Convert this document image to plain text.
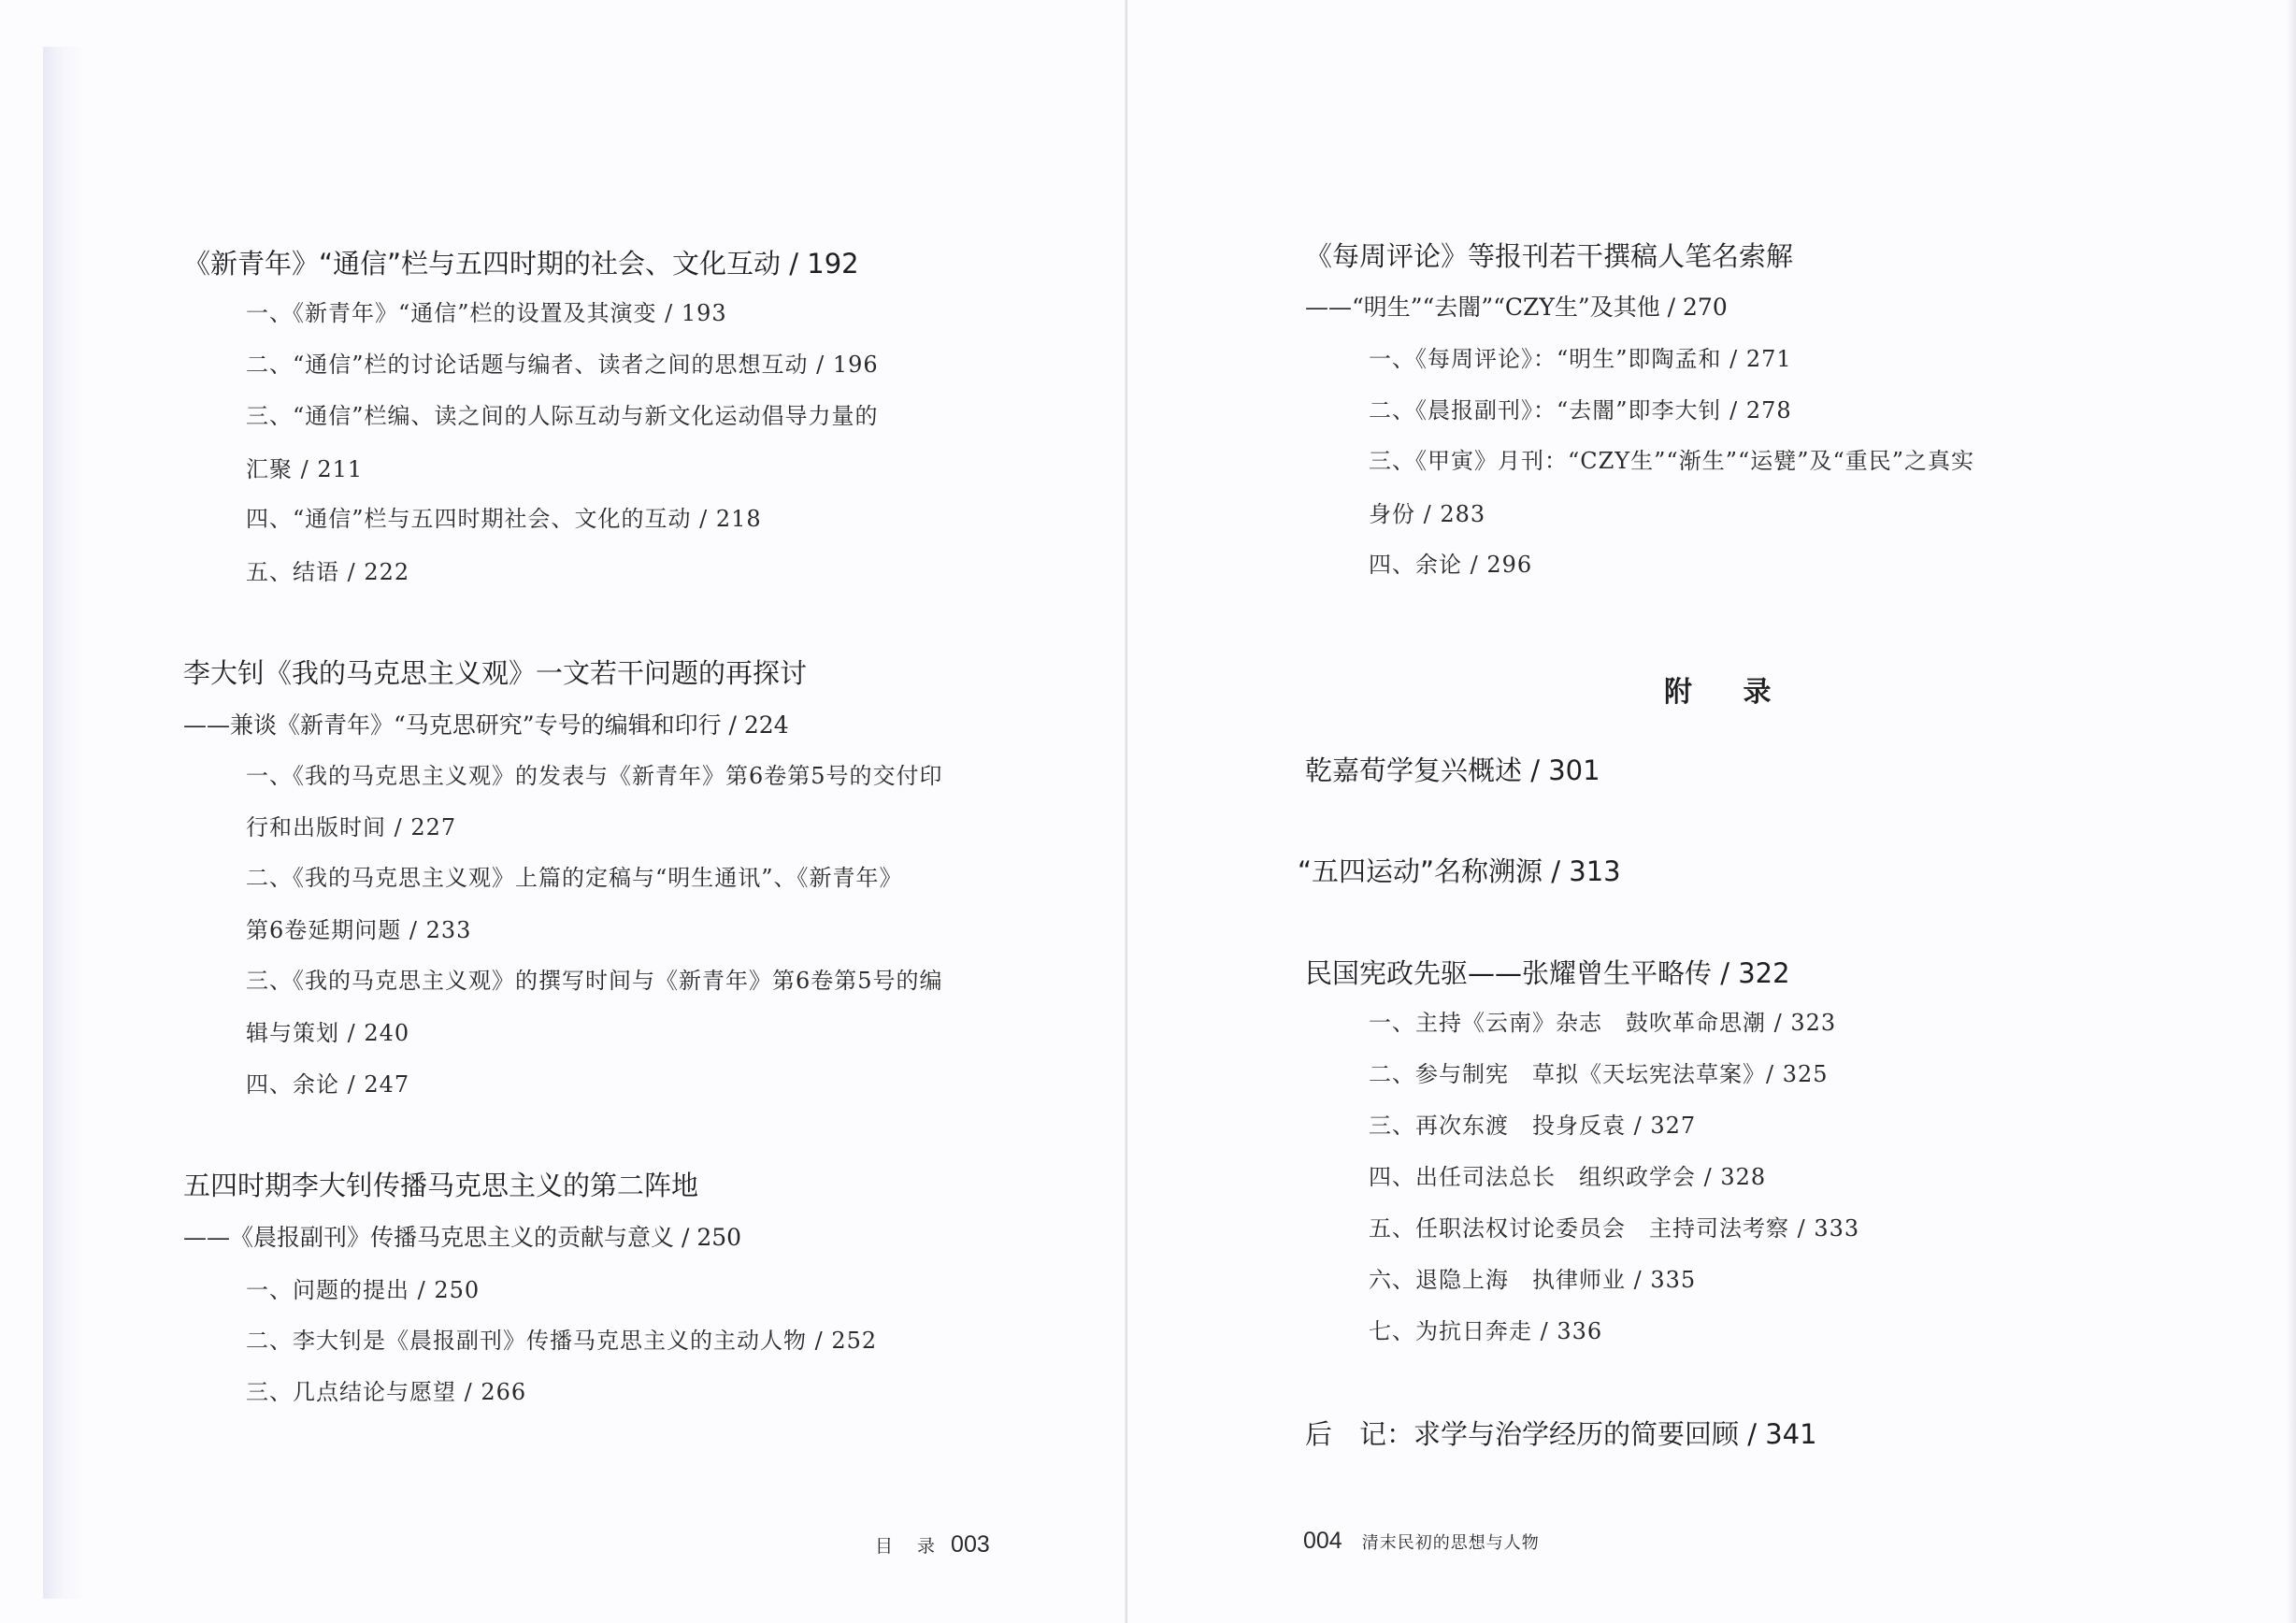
《新青年》“通信”栏与五四时期的社会、文化互动 / 192
一、《新青年》“通信”栏的设置及其演变 / 193
二、“通信”栏的讨论话题与编者、读者之间的思想互动 / 196
三、“通信”栏编、读之间的人际互动与新文化运动倡导力量的
汇聚 / 211
四、“通信”栏与五四时期社会、文化的互动 / 218
五、结语 / 222
李大钊《我的马克思主义观》一文若干问题的再探讨
——兼谈《新青年》“马克思研究”专号的编辑和印行 / 224
一、《我的马克思主义观》的发表与《新青年》第6卷第5号的交付印
行和出版时间 / 227
二、《我的马克思主义观》上篇的定稿与“明生通讯”、《新青年》
第6卷延期问题 / 233
三、《我的马克思主义观》的撰写时间与《新青年》第6卷第5号的编
辑与策划 / 240
四、余论 / 247
五四时期李大钊传播马克思主义的第二阵地
——《晨报副刊》传播马克思主义的贡献与意义 / 250
一、问题的提出 / 250
二、李大钊是《晨报副刊》传播马克思主义的主动人物 / 252
三、几点结论与愿望 / 266
目 录 003
《每周评论》等报刊若干撰稿人笔名索解
——“明生”“去闇”“CZY生”及其他 / 270
一、《每周评论》：“明生”即陶孟和 / 271
二、《晨报副刊》：“去闇”即李大钊 / 278
三、《甲寅》月刊：“CZY生”“渐生”“运甓”及“重民”之真实
身份 / 283
四、余论 / 296
附 录
乾嘉荀学复兴概述 / 301
“五四运动”名称溯源 / 313
民国宪政先驱——张耀曾生平略传 / 322
一、主持《云南》杂志　鼓吹革命思潮 / 323
二、参与制宪　草拟《天坛宪法草案》/ 325
三、再次东渡　投身反袁 / 327
四、出任司法总长　组织政学会 / 328
五、任职法权讨论委员会　主持司法考察 / 333
六、退隐上海　执律师业 / 335
七、为抗日奔走 / 336
后　记：求学与治学经历的简要回顾 / 341
004 清末民初的思想与人物
